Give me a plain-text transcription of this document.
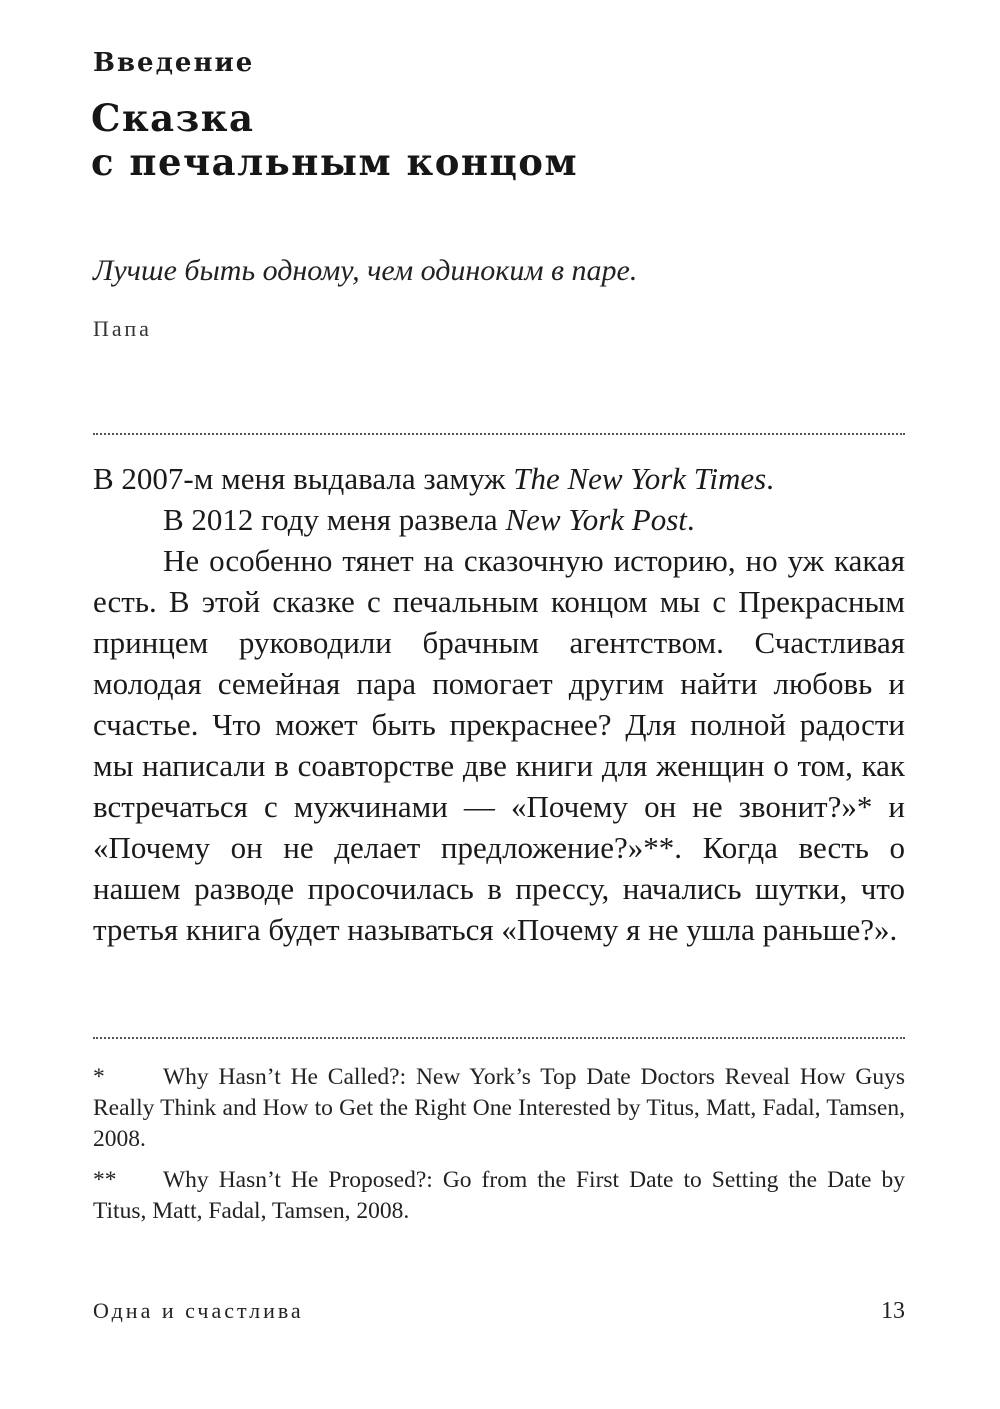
Введение
Сказка
с печальным концом
Лучше быть одному, чем одиноким в паре.
Папа

В 2007-м меня выдавала замуж The New York Times.

В 2012 году меня развела New York Post.

Не особенно тянет на сказочную историю, но уж какая есть. В этой сказке с печальным концом мы с Прекрасным принцем руководили брачным агентством. Счастливая молодая семейная пара помогает другим найти любовь и счастье. Что может быть прекраснее? Для полной радости мы написали в соавторстве две книги для женщин о том, как встречаться с мужчинами — «Почему он не звонит?»* и «Почему он не делает предложение?»**. Когда весть о нашем разводе просочилась в прессу, начались шутки, что третья книга будет называться «Почему я не ушла раньше?».

* Why Hasn’t He Called?: New York’s Top Date Doctors Reveal How Guys Really Think and How to Get the Right One Interested by Titus, Matt, Fadal, Tamsen, 2008.

** Why Hasn’t He Proposed?: Go from the First Date to Setting the Date by Titus, Matt, Fadal, Tamsen, 2008.

Одна и счастлива	13
